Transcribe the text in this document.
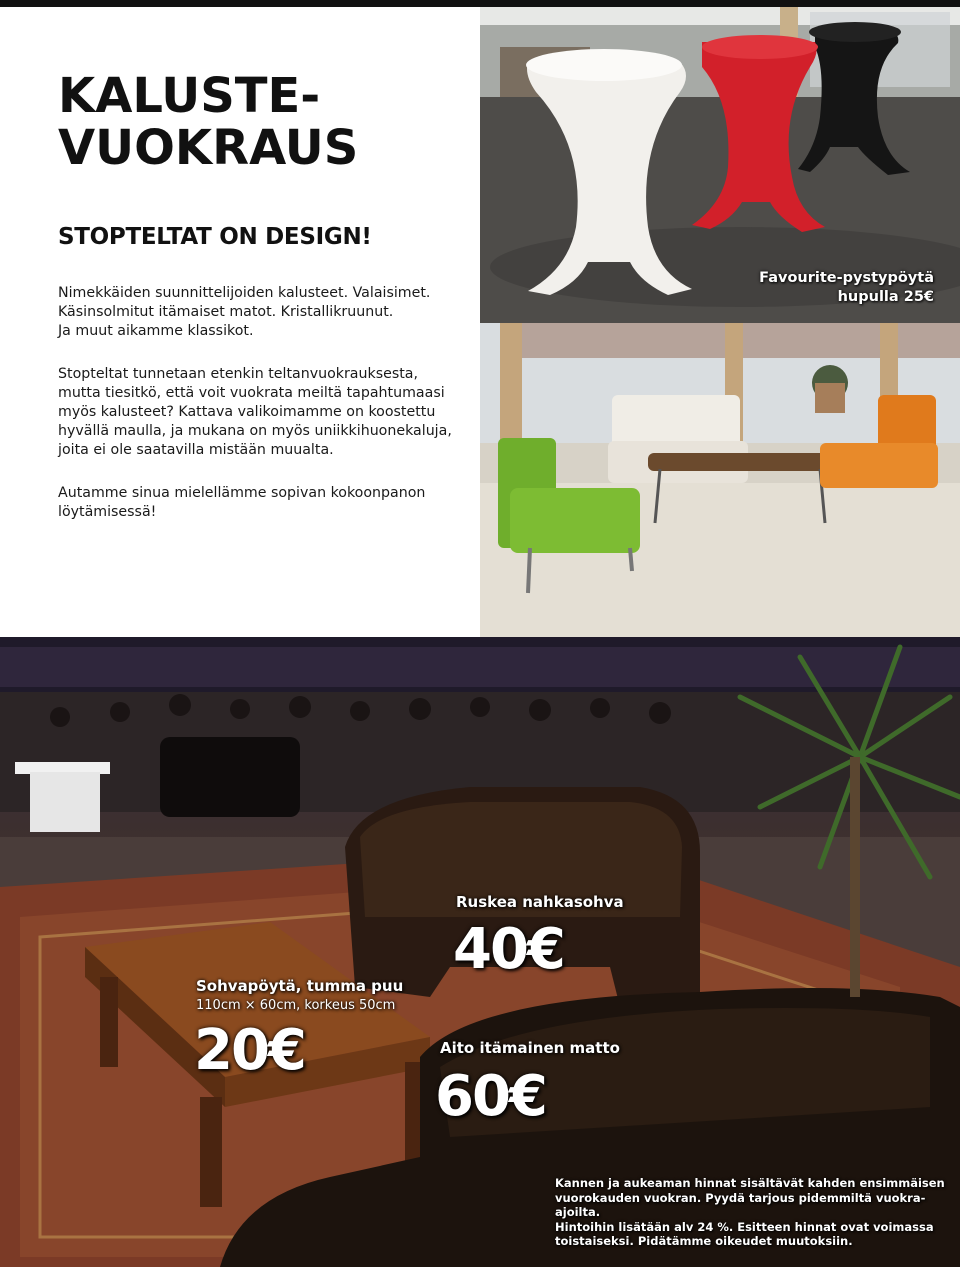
KALUSTE-
VUOKRAUS
STOPTELTAT ON DESIGN!

Nimekkäiden suunnittelijoiden kalusteet. Valaisimet.
Käsinsolmitut itämaiset matot. Kristallikruunut.
Ja muut aikamme klassikot.

Stopteltat tunnetaan etenkin teltanvuokrauksesta,
mutta tiesitkö, että voit vuokrata meiltä tapahtumaasi
myös kalusteet? Kattava valikoimamme on koostettu
hyvällä maulla, ja mukana on myös uniikkihuonekaluja,
joita ei ole saatavilla mistään muualta.

Autamme sinua mielellämme sopivan kokoonpanon
löytämisessä!

Favourite-pystypöytä
hupulla 25€
Ruskea nahkasohva
40€
Sohvapöytä, tumma puu
110cm × 60cm, korkeus 50cm
20€	Aito itämainen matto
60€
Kannen ja aukeaman hinnat sisältävät kahden ensimmäisen
vuorokauden vuokran. Pyydä tarjous pidemmiltä vuokra-ajoilta.
Hintoihin lisätään alv 24 %. Esitteen hinnat ovat voimassa
toistaiseksi. Pidätämme oikeudet muutoksiin.
